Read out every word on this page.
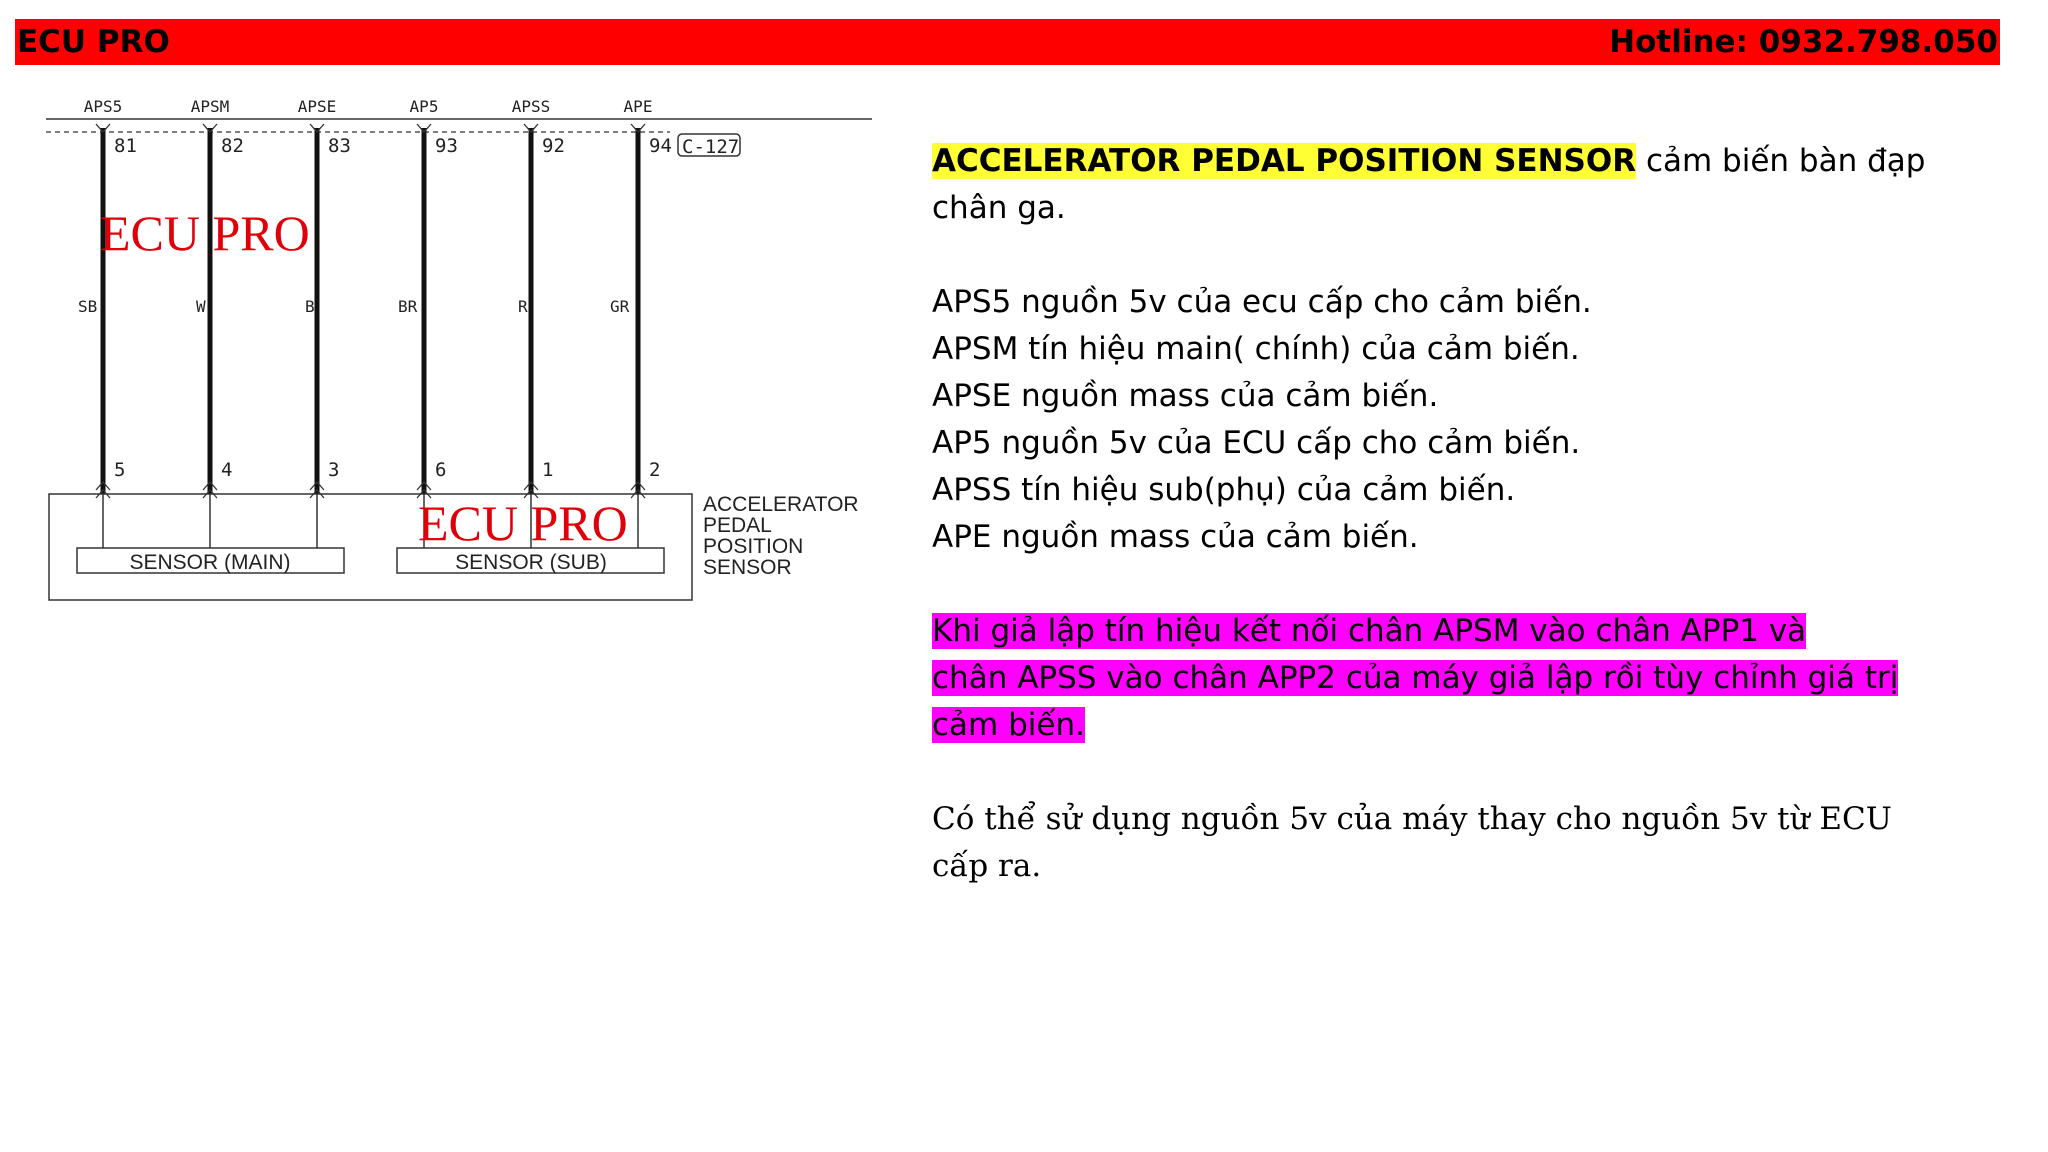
ECU PRO	Hotline: 0932.798.050
APS5
81
SB
5
APSM
82
W
4
APSE
83
B
3
AP5
93
BR
6
APSS
92
R
1
APE
94
GR
2
C-127
SENSOR (MAIN)	SENSOR (SUB)
ACCELERATOR
PEDAL
POSITION
SENSOR
ECU PRO
ECU PRO
ACCELERATOR PEDAL POSITION SENSOR cảm biến bàn đạp
chân ga.
APS5 nguồn 5v của ecu cấp cho cảm biến.
APSM tín hiệu main( chính) của cảm biến.
APSE nguồn mass của cảm biến.
AP5 nguồn 5v của ECU cấp cho cảm biến.
APSS tín hiệu sub(phụ) của cảm biến.
APE nguồn mass của cảm biến.
Khi giả lập tín hiệu kết nối chân APSM vào chân APP1 và
chân APSS vào chân APP2 của máy giả lập rồi tùy chỉnh giá trị
cảm biến.
Có thể sử dụng nguồn 5v của máy thay cho nguồn 5v từ ECU
cấp ra.
